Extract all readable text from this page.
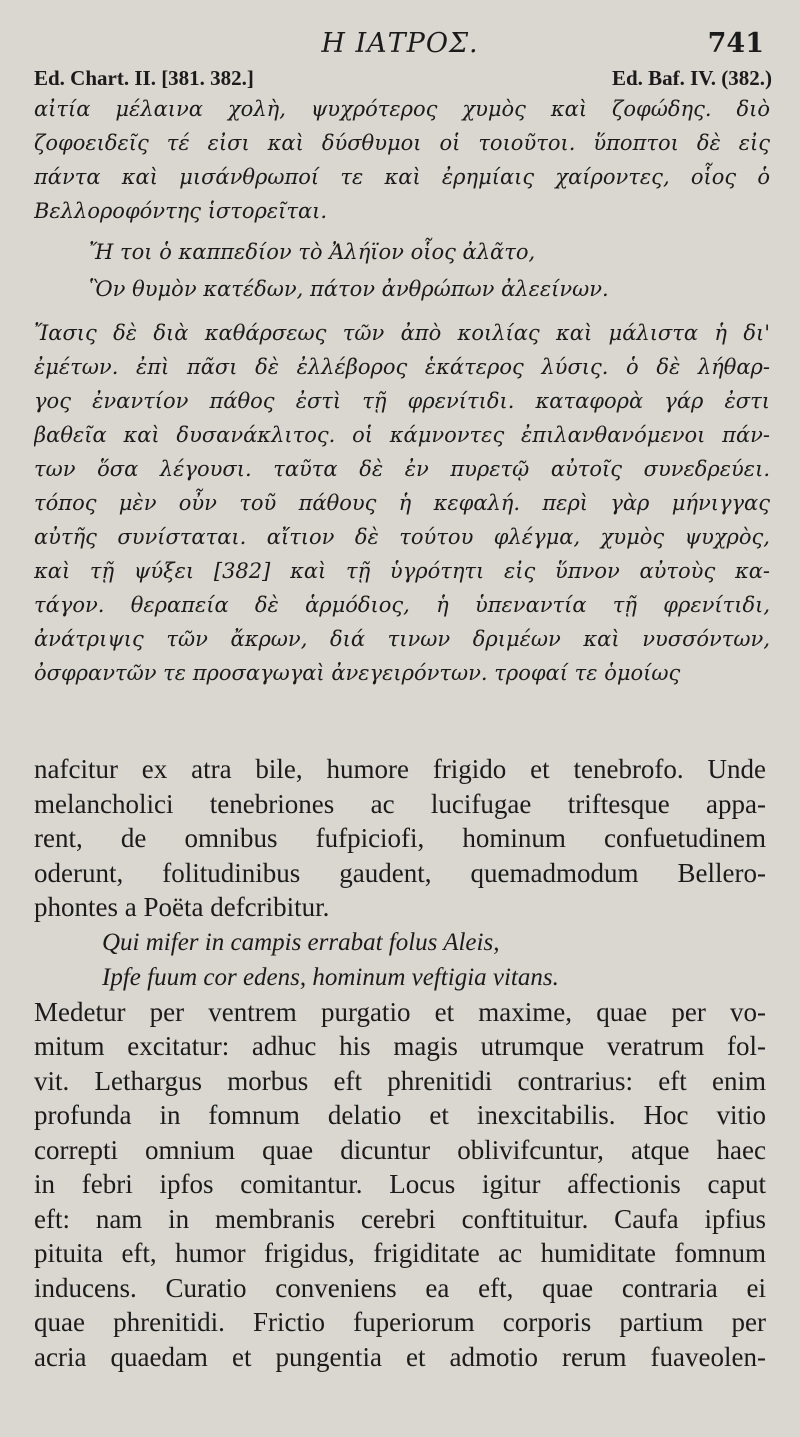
Η ΙΑΤΡΟΣ.	741
Ed. Chart. II. [381. 382.]	Ed. Baf. IV. (382.)
αἰτία μέλαινα χολὴ, ψυχρότερος χυμὸς καὶ ζοφώδης. διὸ
ζοφοειδεῖς τέ εἰσι καὶ δύσθυμοι οἱ τοιοῦτοι. ὕποπτοι δὲ εἰς
πάντα καὶ μισάνθρωποί τε καὶ ἐρημίαις χαίροντες, οἷος ὁ
Βελλοροφόντης ἱστορεῖται.
Ἤ τοι ὁ καππεδίον τὸ Ἀλήϊον οἷος ἀλᾶτο,
Ὃν θυμὸν κατέδων, πάτον ἀνθρώπων ἀλεείνων.
Ἴασις δὲ διὰ καθάρσεως τῶν ἀπὸ κοιλίας καὶ μάλιστα ἡ δι'
ἐμέτων. ἐπὶ πᾶσι δὲ ἐλλέβορος ἑκάτερος λύσις. ὁ δὲ λήθαρ-
γος ἐναντίον πάθος ἐστὶ τῇ φρενίτιδι. καταφορὰ γάρ ἐστι
βαθεῖα καὶ δυσανάκλιτος. οἱ κάμνοντες ἐπιλανθανόμενοι πάν-
των ὅσα λέγουσι. ταῦτα δὲ ἐν πυρετῷ αὐτοῖς συνεδρεύει.
τόπος μὲν οὖν τοῦ πάθους ἡ κεφαλή. περὶ γὰρ μήνιγγας
αὐτῆς συνίσταται. αἴτιον δὲ τούτου φλέγμα, χυμὸς ψυχρὸς,
καὶ τῇ ψύξει [382] καὶ τῇ ὑγρότητι εἰς ὕπνον αὐτοὺς κα-
τάγον. θεραπεία δὲ ἁρμόδιος, ἡ ὑπεναντία τῇ φρενίτιδι,
ἀνάτριψις τῶν ἄκρων, διά τινων δριμέων καὶ νυσσόντων,
ὀσφραντῶν τε προσαγωγαὶ ἀνεγειρόντων. τροφαί τε ὁμοίως
nafcitur ex atra bile, humore frigido et tenebrofo. Unde
melancholici tenebriones ac lucifugae triftesque appa-
rent, de omnibus fufpiciofi, hominum confuetudinem
oderunt, folitudinibus gaudent, quemadmodum Bellero-
phontes a Poëta defcribitur.
Qui mifer in campis errabat folus Aleis,
Ipfe fuum cor edens, hominum veftigia vitans.
Medetur per ventrem purgatio et maxime, quae per vo-
mitum excitatur: adhuc his magis utrumque veratrum fol-
vit. Lethargus morbus eft phrenitidi contrarius: eft enim
profunda in fomnum delatio et inexcitabilis. Hoc vitio
correpti omnium quae dicuntur oblivifcuntur, atque haec
in febri ipfos comitantur. Locus igitur affectionis caput
eft: nam in membranis cerebri conftituitur. Caufa ipfius
pituita eft, humor frigidus, frigiditate ac humiditate fomnum
inducens. Curatio conveniens ea eft, quae contraria ei
quae phrenitidi. Frictio fuperiorum corporis partium per
acria quaedam et pungentia et admotio rerum fuaveolen-
